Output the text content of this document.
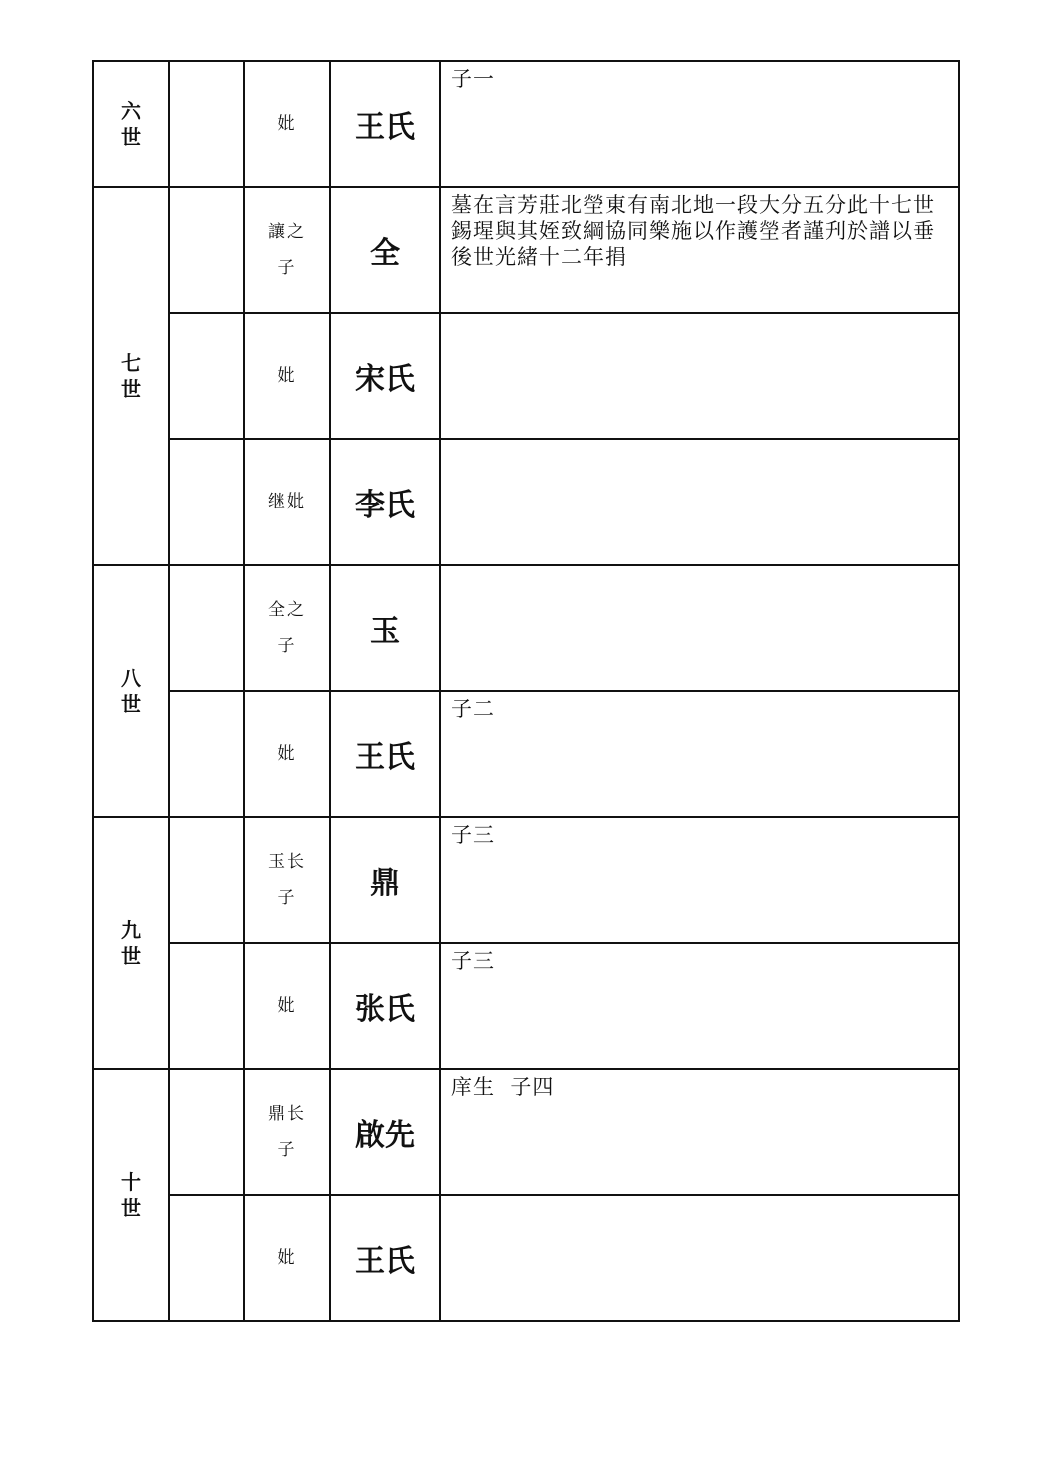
六世		妣	王氏	子一

七世		讓之子	全	墓在言芳莊北塋東有南北地一段大分五分此十七世錫瑆與其姪致綱協同樂施以作護塋者謹刋於譜以垂後世光緒十二年捐

		妣	宋氏	

		继妣	李氏	

八世		全之子	玉	

		妣	王氏	子二

九世		玉长子	鼎	子三

		妣	张氏	子三

十世		鼎长子	啟先	庠生  子四

		妣	王氏	
